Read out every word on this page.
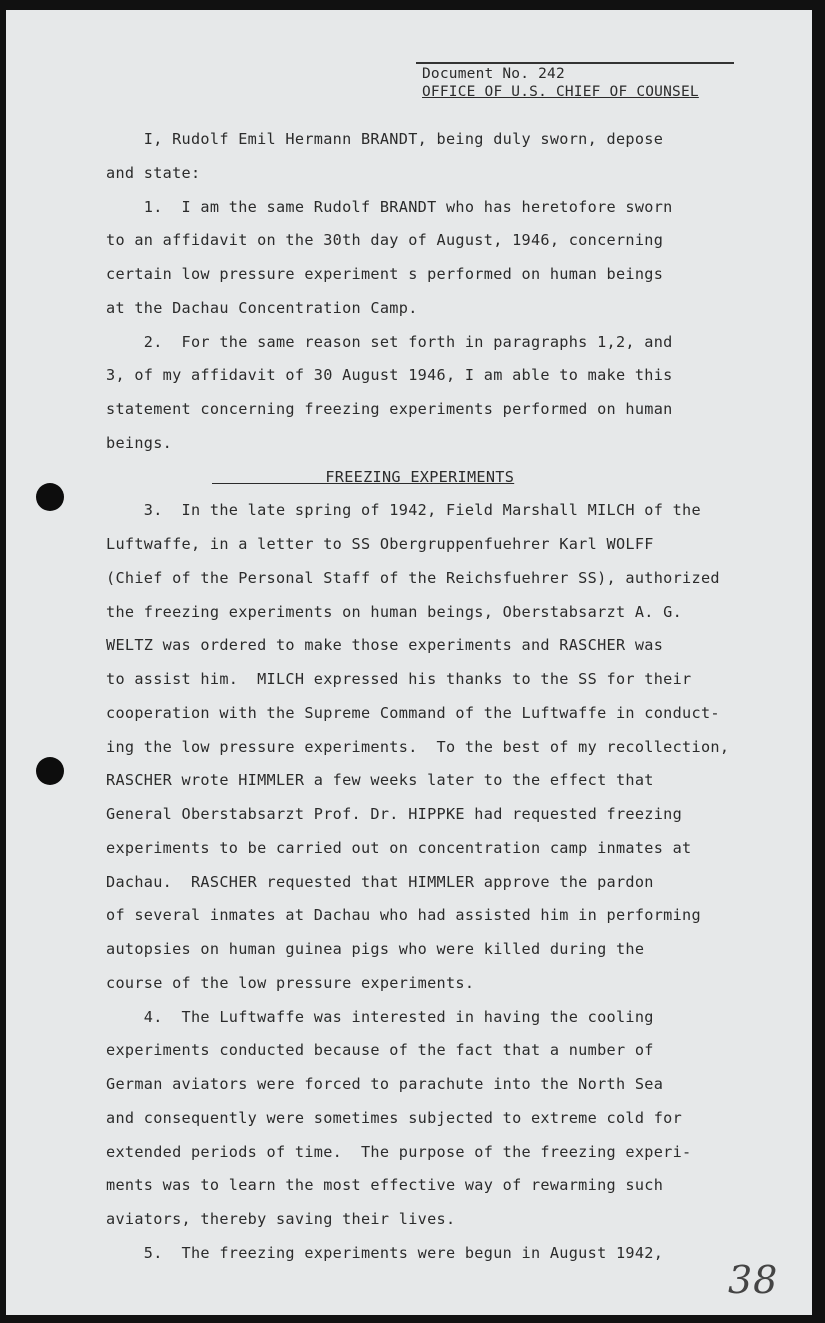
Document No. 242
OFFICE OF U.S. CHIEF OF COUNSEL
I, Rudolf Emil Hermann BRANDT, being duly sworn, depose
and state:
1.  I am the same Rudolf BRANDT who has heretofore sworn
to an affidavit on the 30th day of August, 1946, concerning
certain low pressure experiment s performed on human beings
at the Dachau Concentration Camp.
2.  For the same reason set forth in paragraphs 1,2, and
3, of my affidavit of 30 August 1946, I am able to make this
statement concerning freezing experiments performed on human
beings.
FREEZING EXPERIMENTS
3.  In the late spring of 1942, Field Marshall MILCH of the
Luftwaffe, in a letter to SS Obergruppenfuehrer Karl WOLFF
(Chief of the Personal Staff of the Reichsfuehrer SS), authorized
the freezing experiments on human beings, Oberstabsarzt A. G.
WELTZ was ordered to make those experiments and RASCHER was
to assist him.  MILCH expressed his thanks to the SS for their
cooperation with the Supreme Command of the Luftwaffe in conduct-
ing the low pressure experiments.  To the best of my recollection,
RASCHER wrote HIMMLER a few weeks later to the effect that
General Oberstabsarzt Prof. Dr. HIPPKE had requested freezing
experiments to be carried out on concentration camp inmates at
Dachau.  RASCHER requested that HIMMLER approve the pardon
of several inmates at Dachau who had assisted him in performing
autopsies on human guinea pigs who were killed during the
course of the low pressure experiments.
4.  The Luftwaffe was interested in having the cooling
experiments conducted because of the fact that a number of
German aviators were forced to parachute into the North Sea
and consequently were sometimes subjected to extreme cold for
extended periods of time.  The purpose of the freezing experi-
ments was to learn the most effective way of rewarming such
aviators, thereby saving their lives.
5.  The freezing experiments were begun in August 1942,
38
